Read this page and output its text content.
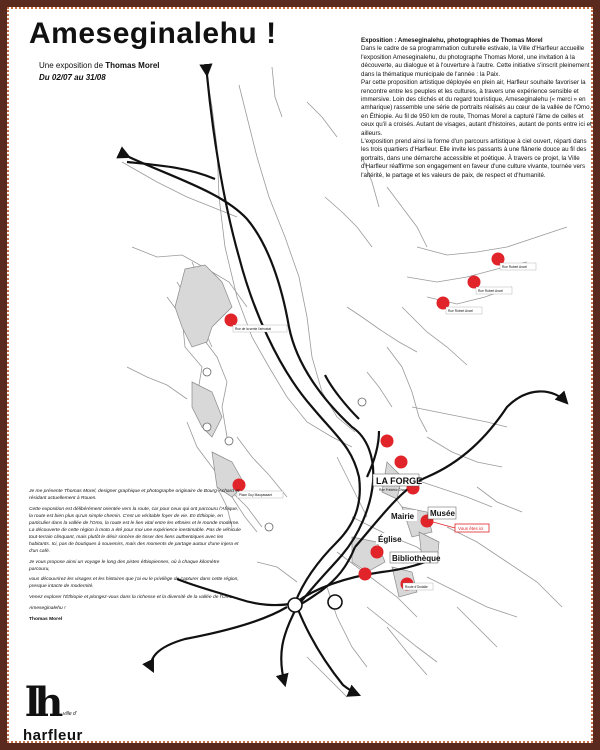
Ameseginalehu !
Une exposition de Thomas Morel
Du 02/07 au 31/08
Rue de la sente l'aérostat
Rue Robert Ancel
Rue Robert Ancel
Rue Robert Ancel
Place Guy Maupassant
Route d'Oudalle
LA FORGE
Rue Frédéric Chopin
Mairie Musée
Vous êtes ici
Église
Bibliothèque

Exposition : Ameseginalehu, photographies de Thomas Morel

Dans le cadre de sa programmation culturelle estivale, la Ville d'Harfleur accueille l'exposition Ameseginalehu, du photographe Thomas Morel, une invitation à la découverte, au dialogue et à l'ouverture à l'autre. Cette initiative s'inscrit pleinement dans la thématique municipale de l'année : la Paix.

Par cette proposition artistique déployée en plein air, Harfleur souhaite favoriser la rencontre entre les peuples et les cultures, à travers une expérience sensible et immersive. Loin des clichés et du regard touristique, Ameseginalehu (« merci » en amharique) rassemble une série de portraits réalisés au cœur de la vallée de l'Omo, en Éthiopie. Au fil de 950 km de route, Thomas Morel a capturé l'âme de celles et ceux qu'il a croisés. Autant de visages, autant d'histoires, autant de ponts entre ici et ailleurs.

L'exposition prend ainsi la forme d'un parcours artistique à ciel ouvert, réparti dans les trois quartiers d'Harfleur. Elle invite les passants à une flânerie douce au fil des portraits, dans une démarche accessible et poétique. À travers ce projet, la Ville d'Harfleur réaffirme son engagement en faveur d'une culture vivante, tournée vers l'altérité, le partage et les valeurs de paix, de respect et d'humanité.

Je me présente Thomas Morel, designer graphique et photographe originaire de Bourg-Achard et résidant actuellement à Rouen.

Cette exposition est délibérément orientée vers la route, car pour ceux qui ont parcouru l'Afrique, la route est bien plus qu'un simple chemin. C'est un véritable foyer de vie. En Éthiopie, en particulier dans la vallée de l'Omo, la route est le lien vital entre les ethnies et le monde moderne. La découverte de cette région à moto a été pour moi une expérience inestimable. Pas de véhicule tout-terrain clinquant, mais plutôt le désir sincère de tisser des liens authentiques avec les habitants. Ici, pas de boutiques à souvenirs, mais des moments de partage autour d'une injera et d'un café.

Je vous propose ainsi un voyage le long des pistes éthiopiennes, où à chaque kilomètre parcouru,

vous découvrirez les visages et les histoires que j'ai eu le privilège de capturer dans cette région, presque intacte de modernité.

Venez explorer l'Éthiopie et plongez-vous dans la richesse et la diversité de la vallée de l'Omo.

Ameseginalehu !

Thomas Morel

lh ville d'
harfleur
